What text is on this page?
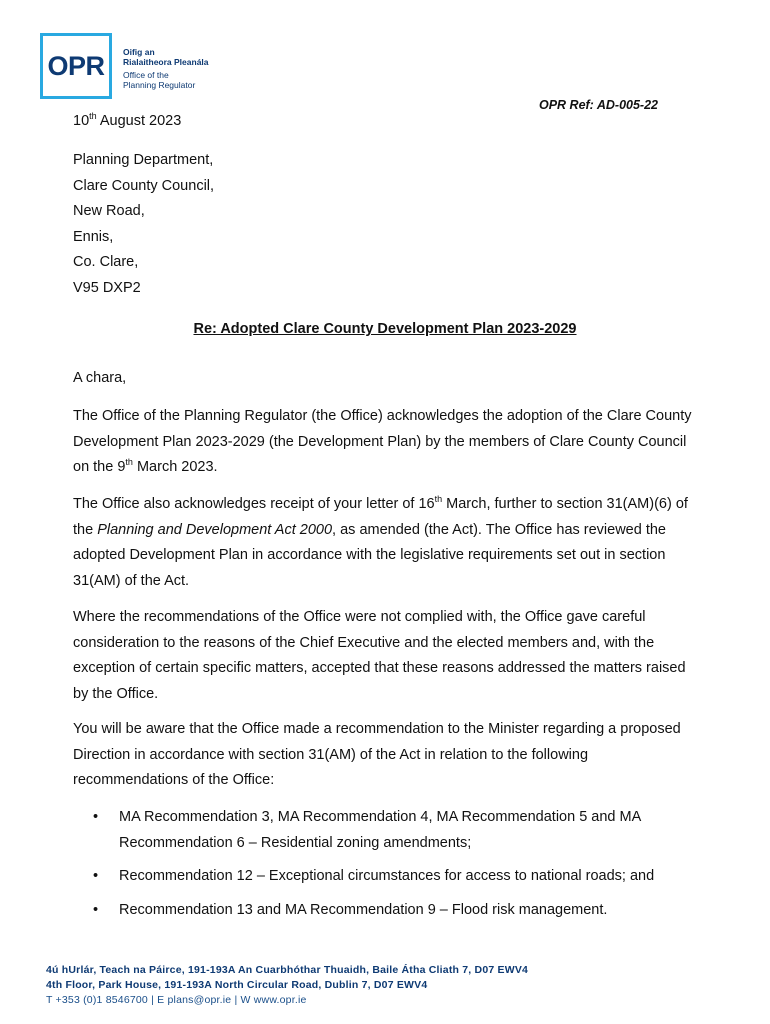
OPR	Oifig an
Rialaitheora Pleanála
Office of the
Planning Regulator
OPR Ref: AD-005-22
10th August 2023
Planning Department,
Clare County Council,
New Road,
Ennis,
Co. Clare,
V95 DXP2
Re: Adopted Clare County Development Plan 2023-2029
A chara,
The Office of the Planning Regulator (the Office) acknowledges the adoption of the Clare County Development Plan 2023-2029 (the Development Plan) by the members of Clare County Council on the 9th March 2023.
The Office also acknowledges receipt of your letter of 16th March, further to section 31(AM)(6) of the Planning and Development Act 2000, as amended (the Act). The Office has reviewed the adopted Development Plan in accordance with the legislative requirements set out in section 31(AM) of the Act.
Where the recommendations of the Office were not complied with, the Office gave careful consideration to the reasons of the Chief Executive and the elected members and, with the exception of certain specific matters, accepted that these reasons addressed the matters raised by the Office.
You will be aware that the Office made a recommendation to the Minister regarding a proposed Direction in accordance with section 31(AM) of the Act in relation to the following recommendations of the Office:
• MA Recommendation 3, MA Recommendation 4, MA Recommendation 5 and MA Recommendation 6 – Residential zoning amendments;
• Recommendation 12 – Exceptional circumstances for access to national roads; and
• Recommendation 13 and MA Recommendation 9 – Flood risk management.
4ú hUrlár, Teach na Páirce, 191-193A An Cuarbhóthar Thuaidh, Baile Átha Cliath 7, D07 EWV4
4th Floor, Park House, 191-193A North Circular Road, Dublin 7, D07 EWV4
T +353 (0)1 8546700 | E plans@opr.ie | W www.opr.ie
